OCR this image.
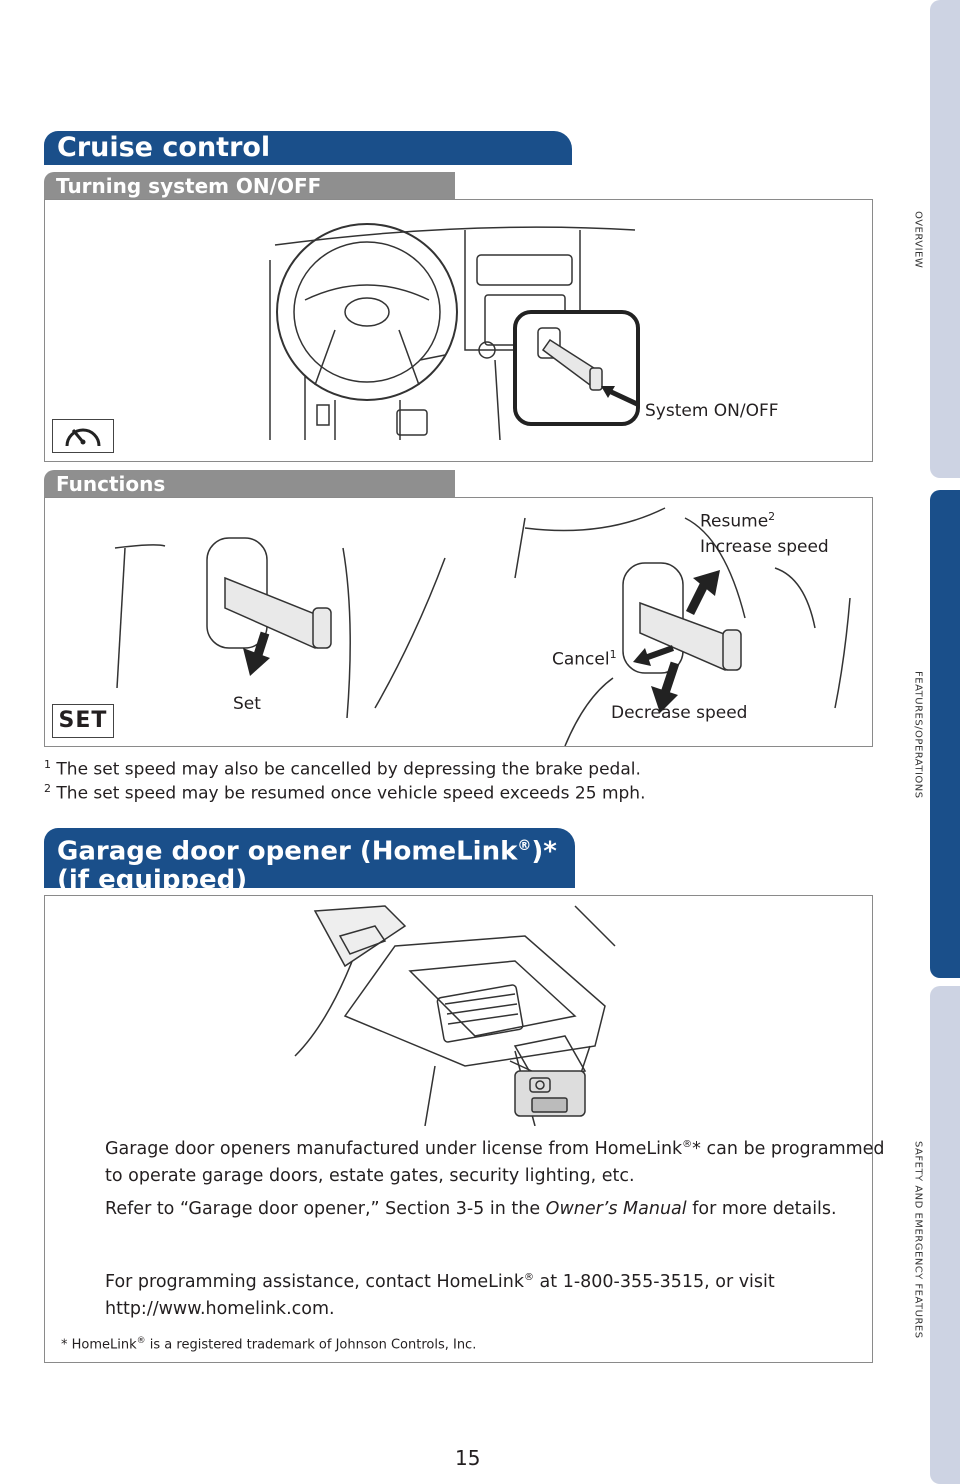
OVERVIEW
FEATURES/OPERATIONS
SAFETY AND EMERGENCY FEATURES
Cruise control
Turning system ON/OFF
System ON/OFF
Functions
Resume$^2$
Increase speed
Cancel$^1$
Set	Decrease speed
SET
$^1$ The set speed may also be cancelled by depressing the brake pedal.
$^2$ The set speed may be resumed once vehicle speed exceeds 25 mph.
Garage door opener (HomeLink®)*
(if equipped)
Garage door openers manufactured under license from HomeLink®* can be programmed to operate garage doors, estate gates, security lighting, etc.
Refer to “Garage door opener,” Section 3-5 in the Owner’s Manual for more details.
For programming assistance, contact HomeLink® at 1-800-355-3515, or visit http://www.homelink.com.
* HomeLink® is a registered trademark of Johnson Controls, Inc.
15
